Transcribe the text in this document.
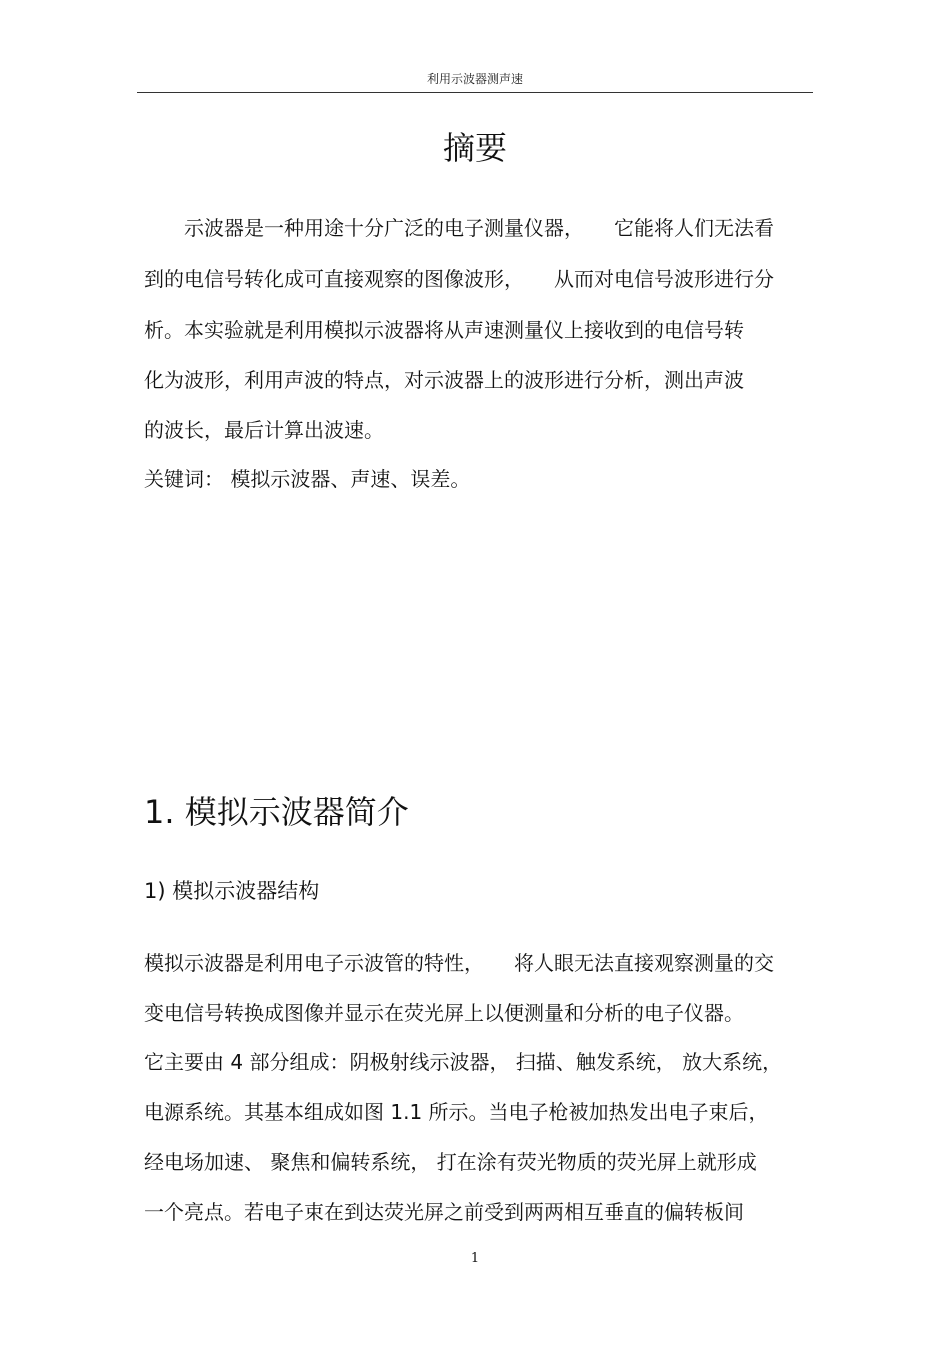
利用示波器测声速
摘要
　　示波器是一种用途十分广泛的电子测量仪器，　　它能将人们无法看
到的电信号转化成可直接观察的图像波形，　　从而对电信号波形进行分
析。本实验就是利用模拟示波器将从声速测量仪上接收到的电信号转
化为波形，利用声波的特点，对示波器上的波形进行分析，测出声波
的波长，最后计算出波速。
关键词： 模拟示波器、声速、误差。
1. 模拟示波器简介
1) 模拟示波器结构
模拟示波器是利用电子示波管的特性，　　将人眼无法直接观察测量的交
变电信号转换成图像并显示在荧光屏上以便测量和分析的电子仪器。
它主要由 4 部分组成：阴极射线示波器， 扫描、触发系统， 放大系统，
电源系统。其基本组成如图 1.1 所示。当电子枪被加热发出电子束后，
经电场加速、 聚焦和偏转系统， 打在涂有荧光物质的荧光屏上就形成
一个亮点。若电子束在到达荧光屏之前受到两两相互垂直的偏转板间
1
